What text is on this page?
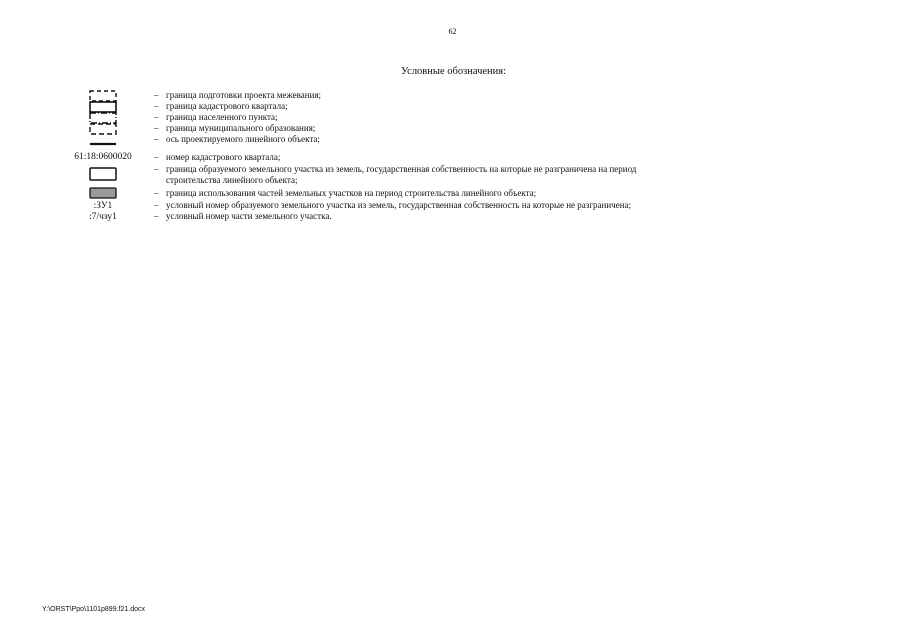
62
Условные обозначения:
– граница подготовки проекта межевания;
– граница кадастрового квартала;
– граница населенного пункта;
– граница муниципального образования;
– ось проектируемого линейного объекта;
61:18:0600020	– номер кадастрового квартала;
– граница образуемого земельного участка из земель, государственная собственность на которые не разграничена на период
строительства линейного объекта;
– граница использования частей земельных участков на период строительства линейного объекта;
:ЗУ1	– условный номер образуемого земельного участка из земель, государственная собственность на которые не разграничена;
:7/чзу1	– условный номер части земельного участка.
Y:\ORST\Ppo\1101p899.f21.docx
